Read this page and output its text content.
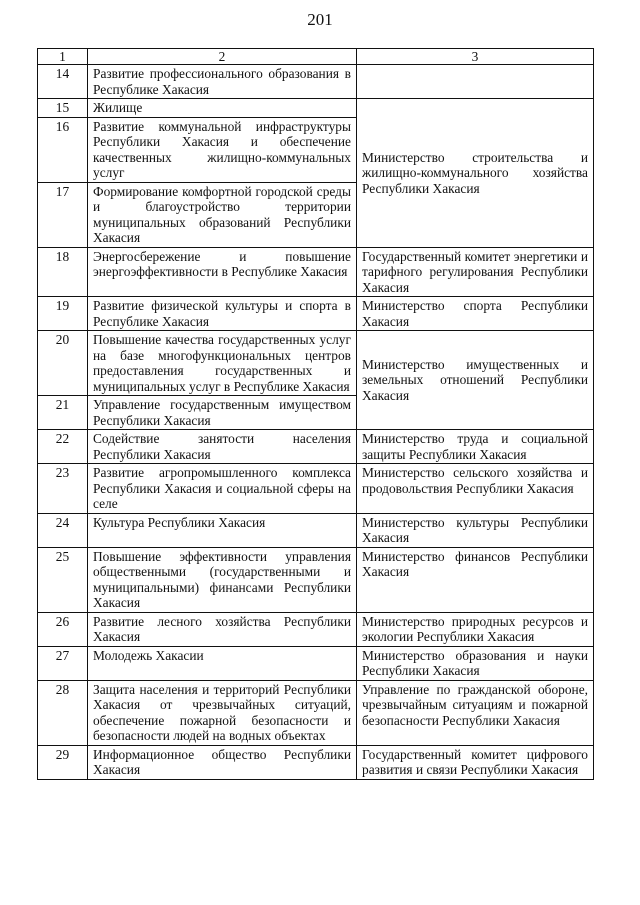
201
1	2	3
14	Развитие профессионального образования в Республике Хакасия	
15	Жилище	Министерство строительства и жилищно-коммунального хозяйства Республики Хакасия
16	Развитие коммунальной инфраструктуры Республики Хакасия и обеспечение качественных жилищно-коммунальных услуг	
17	Формирование комфортной городской среды и благоустройство территории муниципальных образований Республики Хакасия	
18	Энергосбережение и повышение энергоэффективности в Республике Хакасия	Государственный комитет энергетики и тарифного регулирования Республики Хакасия
19	Развитие физической культуры и спорта в Республике Хакасия	Министерство спорта Республики Хакасия
20	Повышение качества государственных услуг на базе многофункциональных центров предоставления государственных и муниципальных услуг в Республике Хакасия	Министерство имущественных и земельных отношений Республики Хакасия
21	Управление государственным имуществом Республики Хакасия	
22	Содействие занятости населения Республики Хакасия	Министерство труда и социальной защиты Республики Хакасия
23	Развитие агропромышленного комплекса Республики Хакасия и социальной сферы на селе	Министерство сельского хозяйства и продовольствия Республики Хакасия
24	Культура Республики Хакасия	Министерство культуры Республики Хакасия
25	Повышение эффективности управления общественными (государственными и муниципальными) финансами Республики Хакасия	Министерство финансов Республики Хакасия
26	Развитие лесного хозяйства Республики Хакасия	Министерство природных ресурсов и экологии Республики Хакасия
27	Молодежь Хакасии	Министерство образования и науки Республики Хакасия
28	Защита населения и территорий Республики Хакасия от чрезвычайных ситуаций, обеспечение пожарной безопасности и безопасности людей на водных объектах	Управление по гражданской обороне, чрезвычайным ситуациям и пожарной безопасности Республики Хакасия
29	Информационное общество Республики Хакасия	Государственный комитет цифрового развития и связи Республики Хакасия
